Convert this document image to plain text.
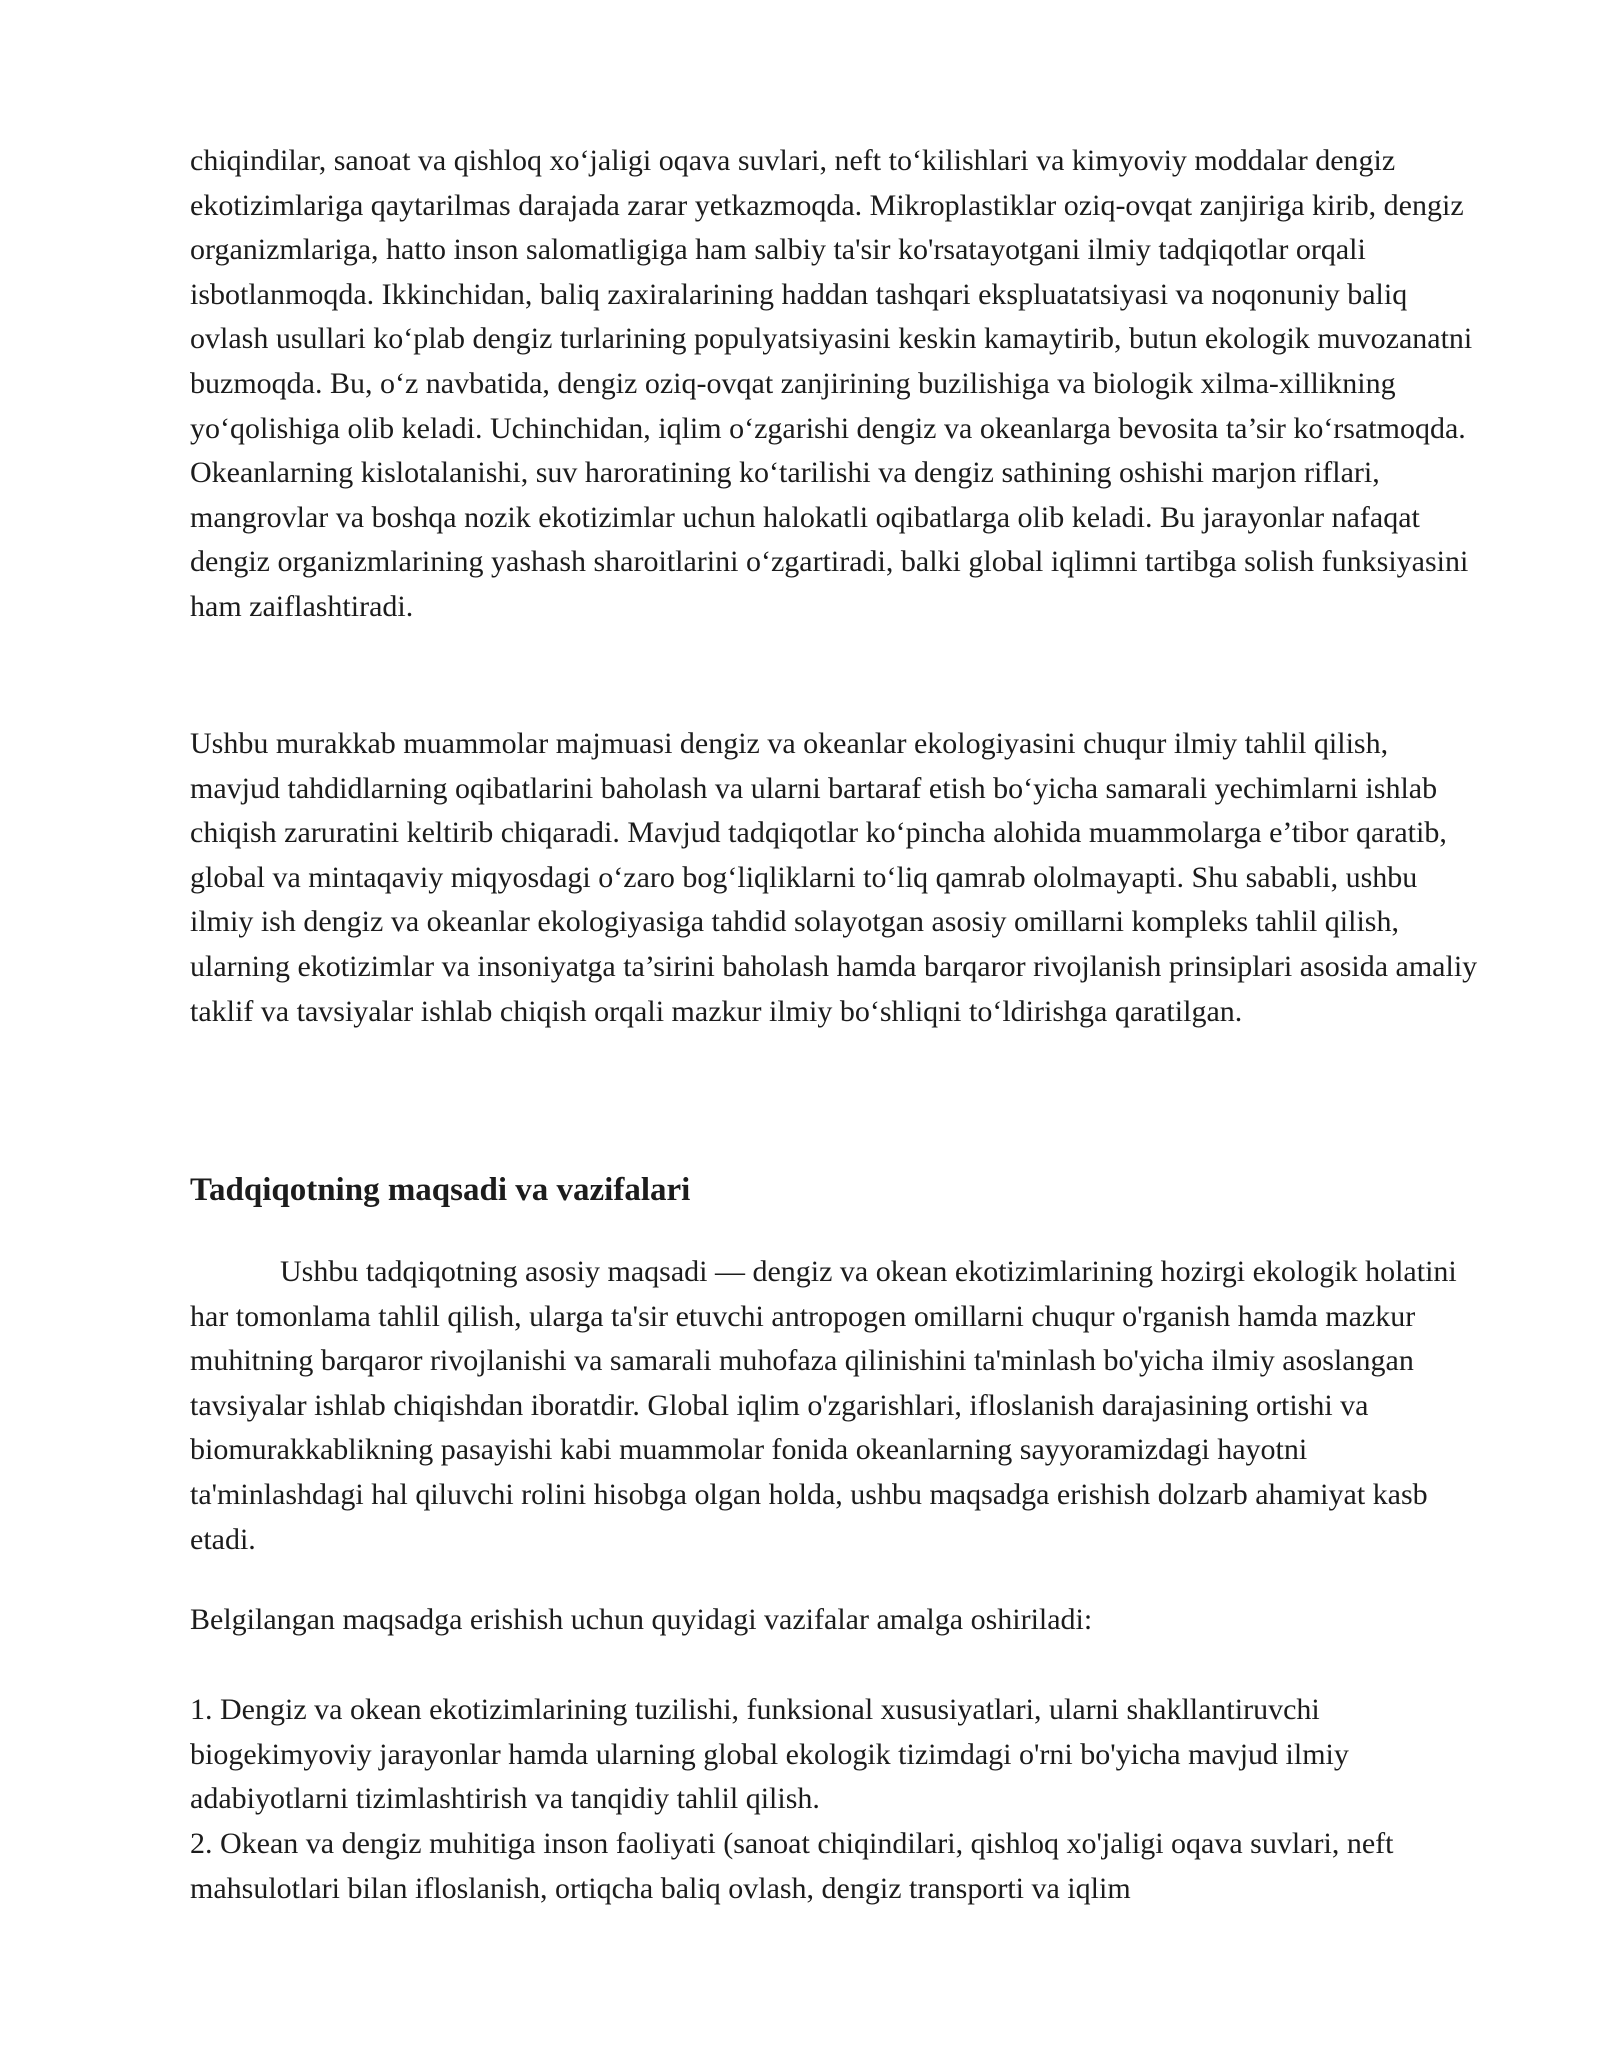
chiqindilar, sanoat va qishloq xo‘jaligi oqava suvlari, neft to‘kilishlari va kimyoviy moddalar dengiz ekotizimlariga qaytarilmas darajada zarar yetkazmoqda. Mikroplastiklar oziq-ovqat zanjiriga kirib, dengiz organizmlariga, hatto inson salomatligiga ham salbiy ta'sir ko'rsatayotgani ilmiy tadqiqotlar orqali isbotlanmoqda. Ikkinchidan, baliq zaxiralarining haddan tashqari ekspluatatsiyasi va noqonuniy baliq ovlash usullari ko‘plab dengiz turlarining populyatsiyasini keskin kamaytirib, butun ekologik muvozanatni buzmoqda. Bu, o‘z navbatida, dengiz oziq-ovqat zanjirining buzilishiga va biologik xilma-xillikning yo‘qolishiga olib keladi. Uchinchidan, iqlim o‘zgarishi dengiz va okeanlarga bevosita ta’sir ko‘rsatmoqda. Okeanlarning kislotalanishi, suv haroratining ko‘tarilishi va dengiz sathining oshishi marjon riflari, mangrovlar va boshqa nozik ekotizimlar uchun halokatli oqibatlarga olib keladi. Bu jarayonlar nafaqat dengiz organizmlarining yashash sharoitlarini o‘zgartiradi, balki global iqlimni tartibga solish funksiyasini ham zaiflashtiradi.

Ushbu murakkab muammolar majmuasi dengiz va okeanlar ekologiyasini chuqur ilmiy tahlil qilish, mavjud tahdidlarning oqibatlarini baholash va ularni bartaraf etish bo‘yicha samarali yechimlarni ishlab chiqish zaruratini keltirib chiqaradi. Mavjud tadqiqotlar ko‘pincha alohida muammolarga e’tibor qaratib, global va mintaqaviy miqyosdagi o‘zaro bog‘liqliklarni to‘liq qamrab ololmayapti. Shu sababli, ushbu ilmiy ish dengiz va okeanlar ekologiyasiga tahdid solayotgan asosiy omillarni kompleks tahlil qilish, ularning ekotizimlar va insoniyatga ta’sirini baholash hamda barqaror rivojlanish prinsiplari asosida amaliy taklif va tavsiyalar ishlab chiqish orqali mazkur ilmiy bo‘shliqni to‘ldirishga qaratilgan.

Tadqiqotning maqsadi va vazifalari

Ushbu tadqiqotning asosiy maqsadi — dengiz va okean ekotizimlarining hozirgi ekologik holatini har tomonlama tahlil qilish, ularga ta'sir etuvchi antropogen omillarni chuqur o'rganish hamda mazkur muhitning barqaror rivojlanishi va samarali muhofaza qilinishini ta'minlash bo'yicha ilmiy asoslangan tavsiyalar ishlab chiqishdan iboratdir. Global iqlim o'zgarishlari, ifloslanish darajasining ortishi va biomurakkablikning pasayishi kabi muammolar fonida okeanlarning sayyoramizdagi hayotni ta'minlashdagi hal qiluvchi rolini hisobga olgan holda, ushbu maqsadga erishish dolzarb ahamiyat kasb etadi.

Belgilangan maqsadga erishish uchun quyidagi vazifalar amalga oshiriladi:

1. Dengiz va okean ekotizimlarining tuzilishi, funksional xususiyatlari, ularni shakllantiruvchi biogekimyoviy jarayonlar hamda ularning global ekologik tizimdagi o'rni bo'yicha mavjud ilmiy adabiyotlarni tizimlashtirish va tanqidiy tahlil qilish.

2. Okean va dengiz muhitiga inson faoliyati (sanoat chiqindilari, qishloq xo'jaligi oqava suvlari, neft mahsulotlari bilan ifloslanish, ortiqcha baliq ovlash, dengiz transporti va iqlim
